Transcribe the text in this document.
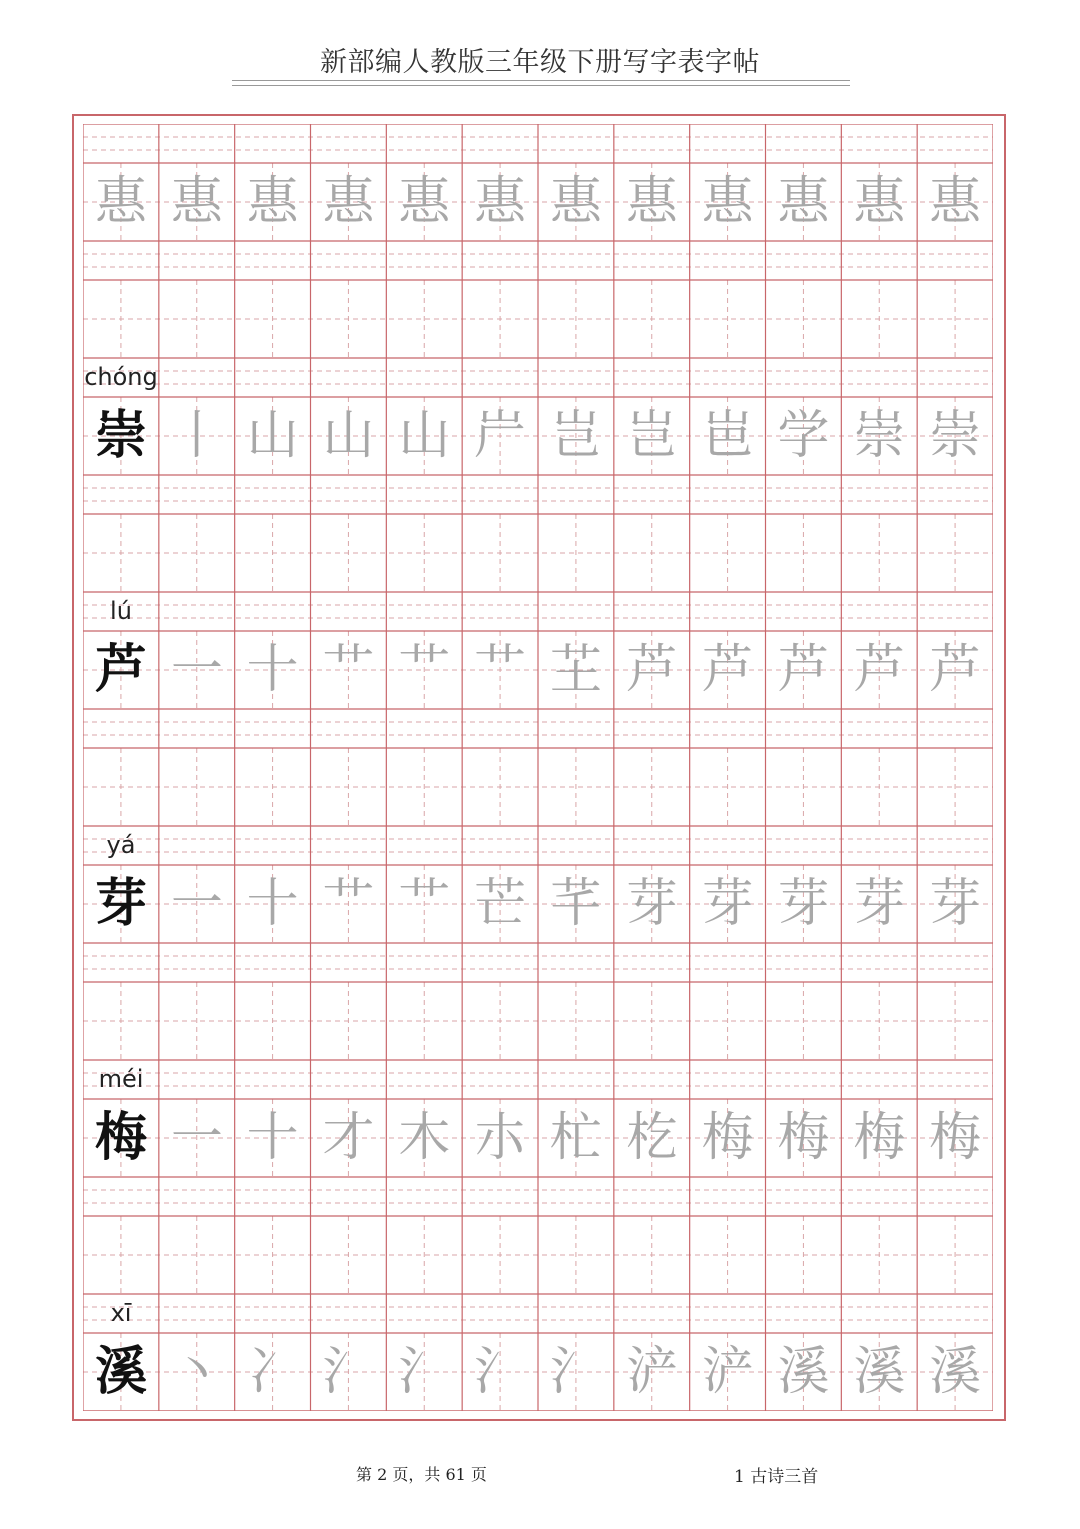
新部编人教版三年级下册写字表字帖
惠 惠 惠 惠 惠 惠 惠 惠 惠 惠 惠 惠
chóng
崇 丨 山 山 山 屵 岂 岂 岜 学 崇 崇
lú
芦 一 十 艹 艹 艹 芏 芦 芦 芦 芦 芦
yá
芽 一 十 艹 艹 芒 芊 芽 芽 芽 芽 芽
méi
梅 一 十 才 木 朩 杧 杚 梅 梅 梅 梅
xī
溪 丶 冫 氵 氵 氵 氵 浐 浐 溪 溪 溪
第 2 页，共 61 页	1 古诗三首
